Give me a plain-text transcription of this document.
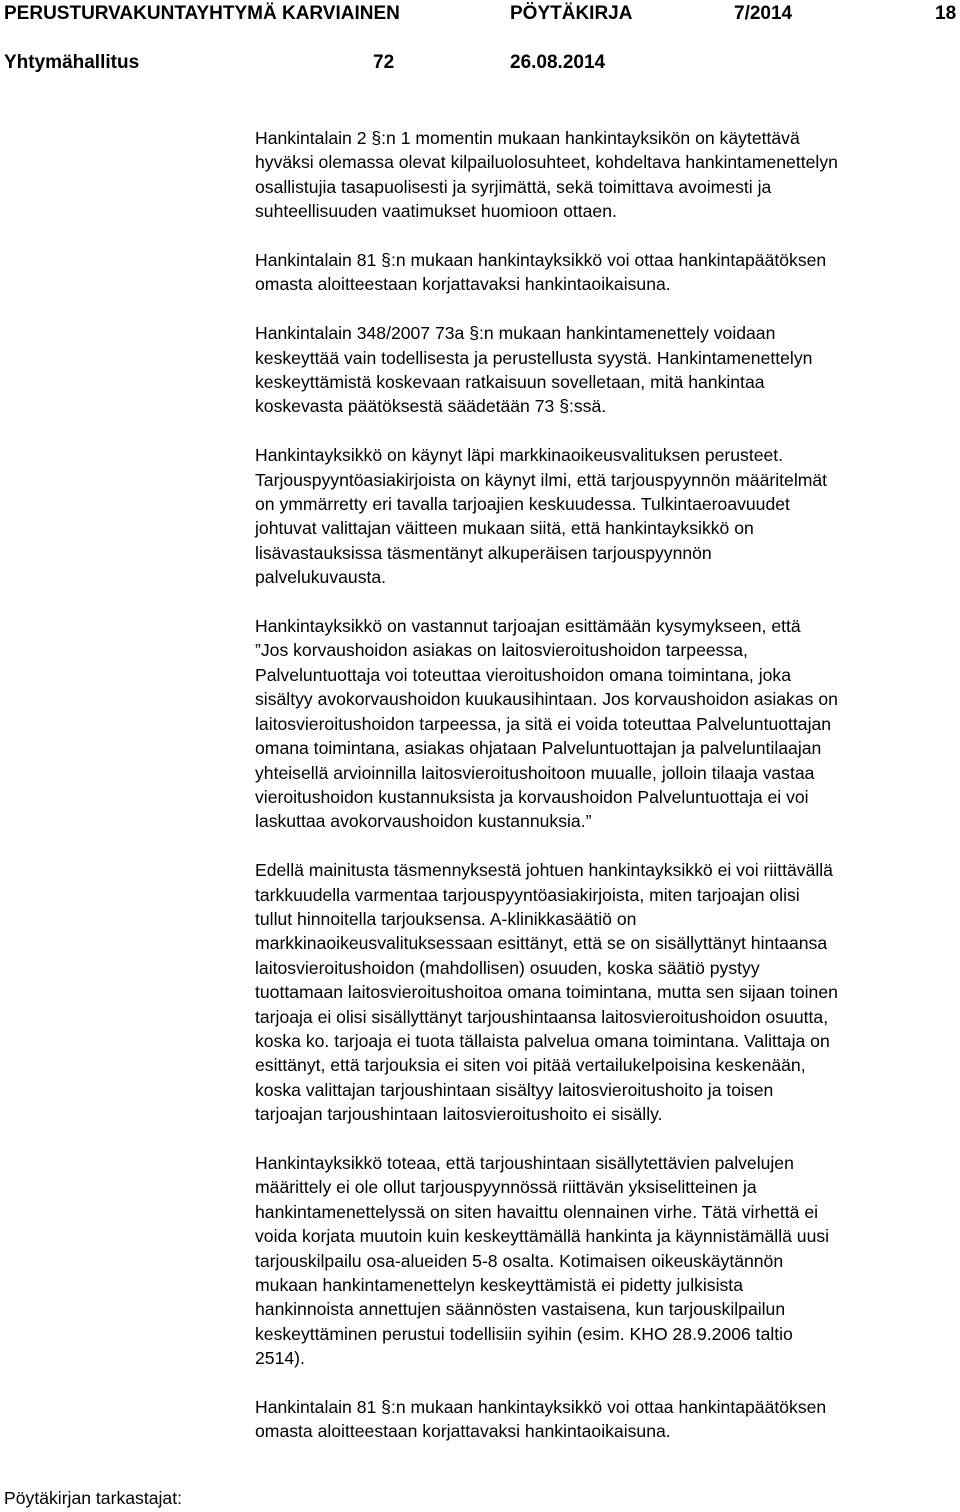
PERUSTURVAKUNTAYHTYMÄ KARVIAINEN	PÖYTÄKIRJA	7/2014	18
Yhtymähallitus	72	26.08.2014

Hankintalain 2 §:n 1 momentin mukaan hankintayksikön on käytettävä
hyväksi olemassa olevat kilpailuolosuhteet, kohdeltava hankintamenettelyn
osallistujia tasapuolisesti ja syrjimättä, sekä toimittava avoimesti ja
suhteellisuuden vaatimukset huomioon ottaen.

Hankintalain 81 §:n mukaan hankintayksikkö voi ottaa hankintapäätöksen
omasta aloitteestaan korjattavaksi hankintaoikaisuna.

Hankintalain 348/2007 73a §:n mukaan hankintamenettely voidaan
keskeyttää vain todellisesta ja perustellusta syystä. Hankintamenettelyn
keskeyttämistä koskevaan ratkaisuun sovelletaan, mitä hankintaa
koskevasta päätöksestä säädetään 73 §:ssä.

Hankintayksikkö on käynyt läpi markkinaoikeusvalituksen perusteet.
Tarjouspyyntöasiakirjoista on käynyt ilmi, että tarjouspyynnön määritelmät
on ymmärretty eri tavalla tarjoajien keskuudessa. Tulkintaeroavuudet
johtuvat valittajan väitteen mukaan siitä, että hankintayksikkö on
lisävastauksissa täsmentänyt alkuperäisen tarjouspyynnön
palvelukuvausta.

Hankintayksikkö on vastannut tarjoajan esittämään kysymykseen, että
”Jos korvaushoidon asiakas on laitosvieroitushoidon tarpeessa,
Palveluntuottaja voi toteuttaa vieroitushoidon omana toimintana, joka
sisältyy avokorvaushoidon kuukausihintaan. Jos korvaushoidon asiakas on
laitosvieroitushoidon tarpeessa, ja sitä ei voida toteuttaa Palveluntuottajan
omana toimintana, asiakas ohjataan Palveluntuottajan ja palveluntilaajan
yhteisellä arvioinnilla laitosvieroitushoitoon muualle, jolloin tilaaja vastaa
vieroitushoidon kustannuksista ja korvaushoidon Palveluntuottaja ei voi
laskuttaa avokorvaushoidon kustannuksia.”

Edellä mainitusta täsmennyksestä johtuen hankintayksikkö ei voi riittävällä
tarkkuudella varmentaa tarjouspyyntöasiakirjoista, miten tarjoajan olisi
tullut hinnoitella tarjouksensa. A-klinikkasäätiö on
markkinaoikeusvalituksessaan esittänyt, että se on sisällyttänyt hintaansa
laitosvieroitushoidon (mahdollisen) osuuden, koska säätiö pystyy
tuottamaan laitosvieroitushoitoa omana toimintana, mutta sen sijaan toinen
tarjoaja ei olisi sisällyttänyt tarjoushintaansa laitosvieroitushoidon osuutta,
koska ko. tarjoaja ei tuota tällaista palvelua omana toimintana. Valittaja on
esittänyt, että tarjouksia ei siten voi pitää vertailukelpoisina keskenään,
koska valittajan tarjoushintaan sisältyy laitosvieroitushoito ja toisen
tarjoajan tarjoushintaan laitosvieroitushoito ei sisälly.

Hankintayksikkö toteaa, että tarjoushintaan sisällytettävien palvelujen
määrittely ei ole ollut tarjouspyynnössä riittävän yksiselitteinen ja
hankintamenettelyssä on siten havaittu olennainen virhe. Tätä virhettä ei
voida korjata muutoin kuin keskeyttämällä hankinta ja käynnistämällä uusi
tarjouskilpailu osa-alueiden 5-8 osalta. Kotimaisen oikeuskäytännön
mukaan hankintamenettelyn keskeyttämistä ei pidetty julkisista
hankinnoista annettujen säännösten vastaisena, kun tarjouskilpailun
keskeyttäminen perustui todellisiin syihin (esim. KHO 28.9.2006 taltio
2514).

Hankintalain 81 §:n mukaan hankintayksikkö voi ottaa hankintapäätöksen
omasta aloitteestaan korjattavaksi hankintaoikaisuna.

Pöytäkirjan tarkastajat:
